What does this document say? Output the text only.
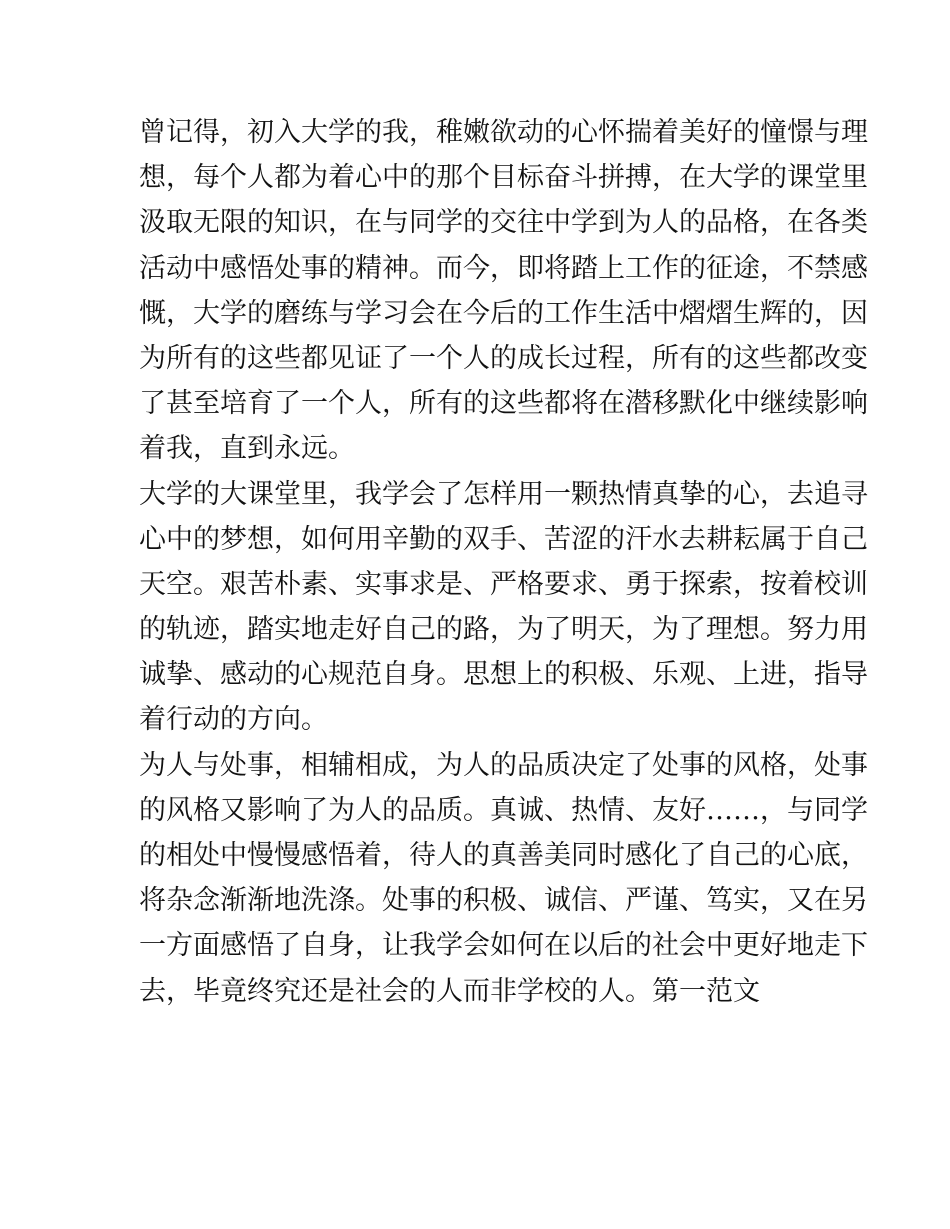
曾记得，初入大学的我，稚嫩欲动的心怀揣着美好的憧憬与理
想，每个人都为着心中的那个目标奋斗拼搏，在大学的课堂里
汲取无限的知识，在与同学的交往中学到为人的品格，在各类
活动中感悟处事的精神。而今，即将踏上工作的征途，不禁感
慨，大学的磨练与学习会在今后的工作生活中熠熠生辉的，因
为所有的这些都见证了一个人的成长过程，所有的这些都改变
了甚至培育了一个人，所有的这些都将在潜移默化中继续影响
着我，直到永远。
大学的大课堂里，我学会了怎样用一颗热情真挚的心，去追寻
心中的梦想，如何用辛勤的双手、苦涩的汗水去耕耘属于自己
天空。艰苦朴素、实事求是、严格要求、勇于探索，按着校训
的轨迹，踏实地走好自己的路，为了明天，为了理想。努力用
诚挚、感动的心规范自身。思想上的积极、乐观、上进，指导
着行动的方向。
为人与处事，相辅相成，为人的品质决定了处事的风格，处事
的风格又影响了为人的品质。真诚、热情、友好……，与同学
的相处中慢慢感悟着，待人的真善美同时感化了自己的心底，
将杂念渐渐地洗涤。处事的积极、诚信、严谨、笃实，又在另
一方面感悟了自身，让我学会如何在以后的社会中更好地走下
去，毕竟终究还是社会的人而非学校的人。第一范文
